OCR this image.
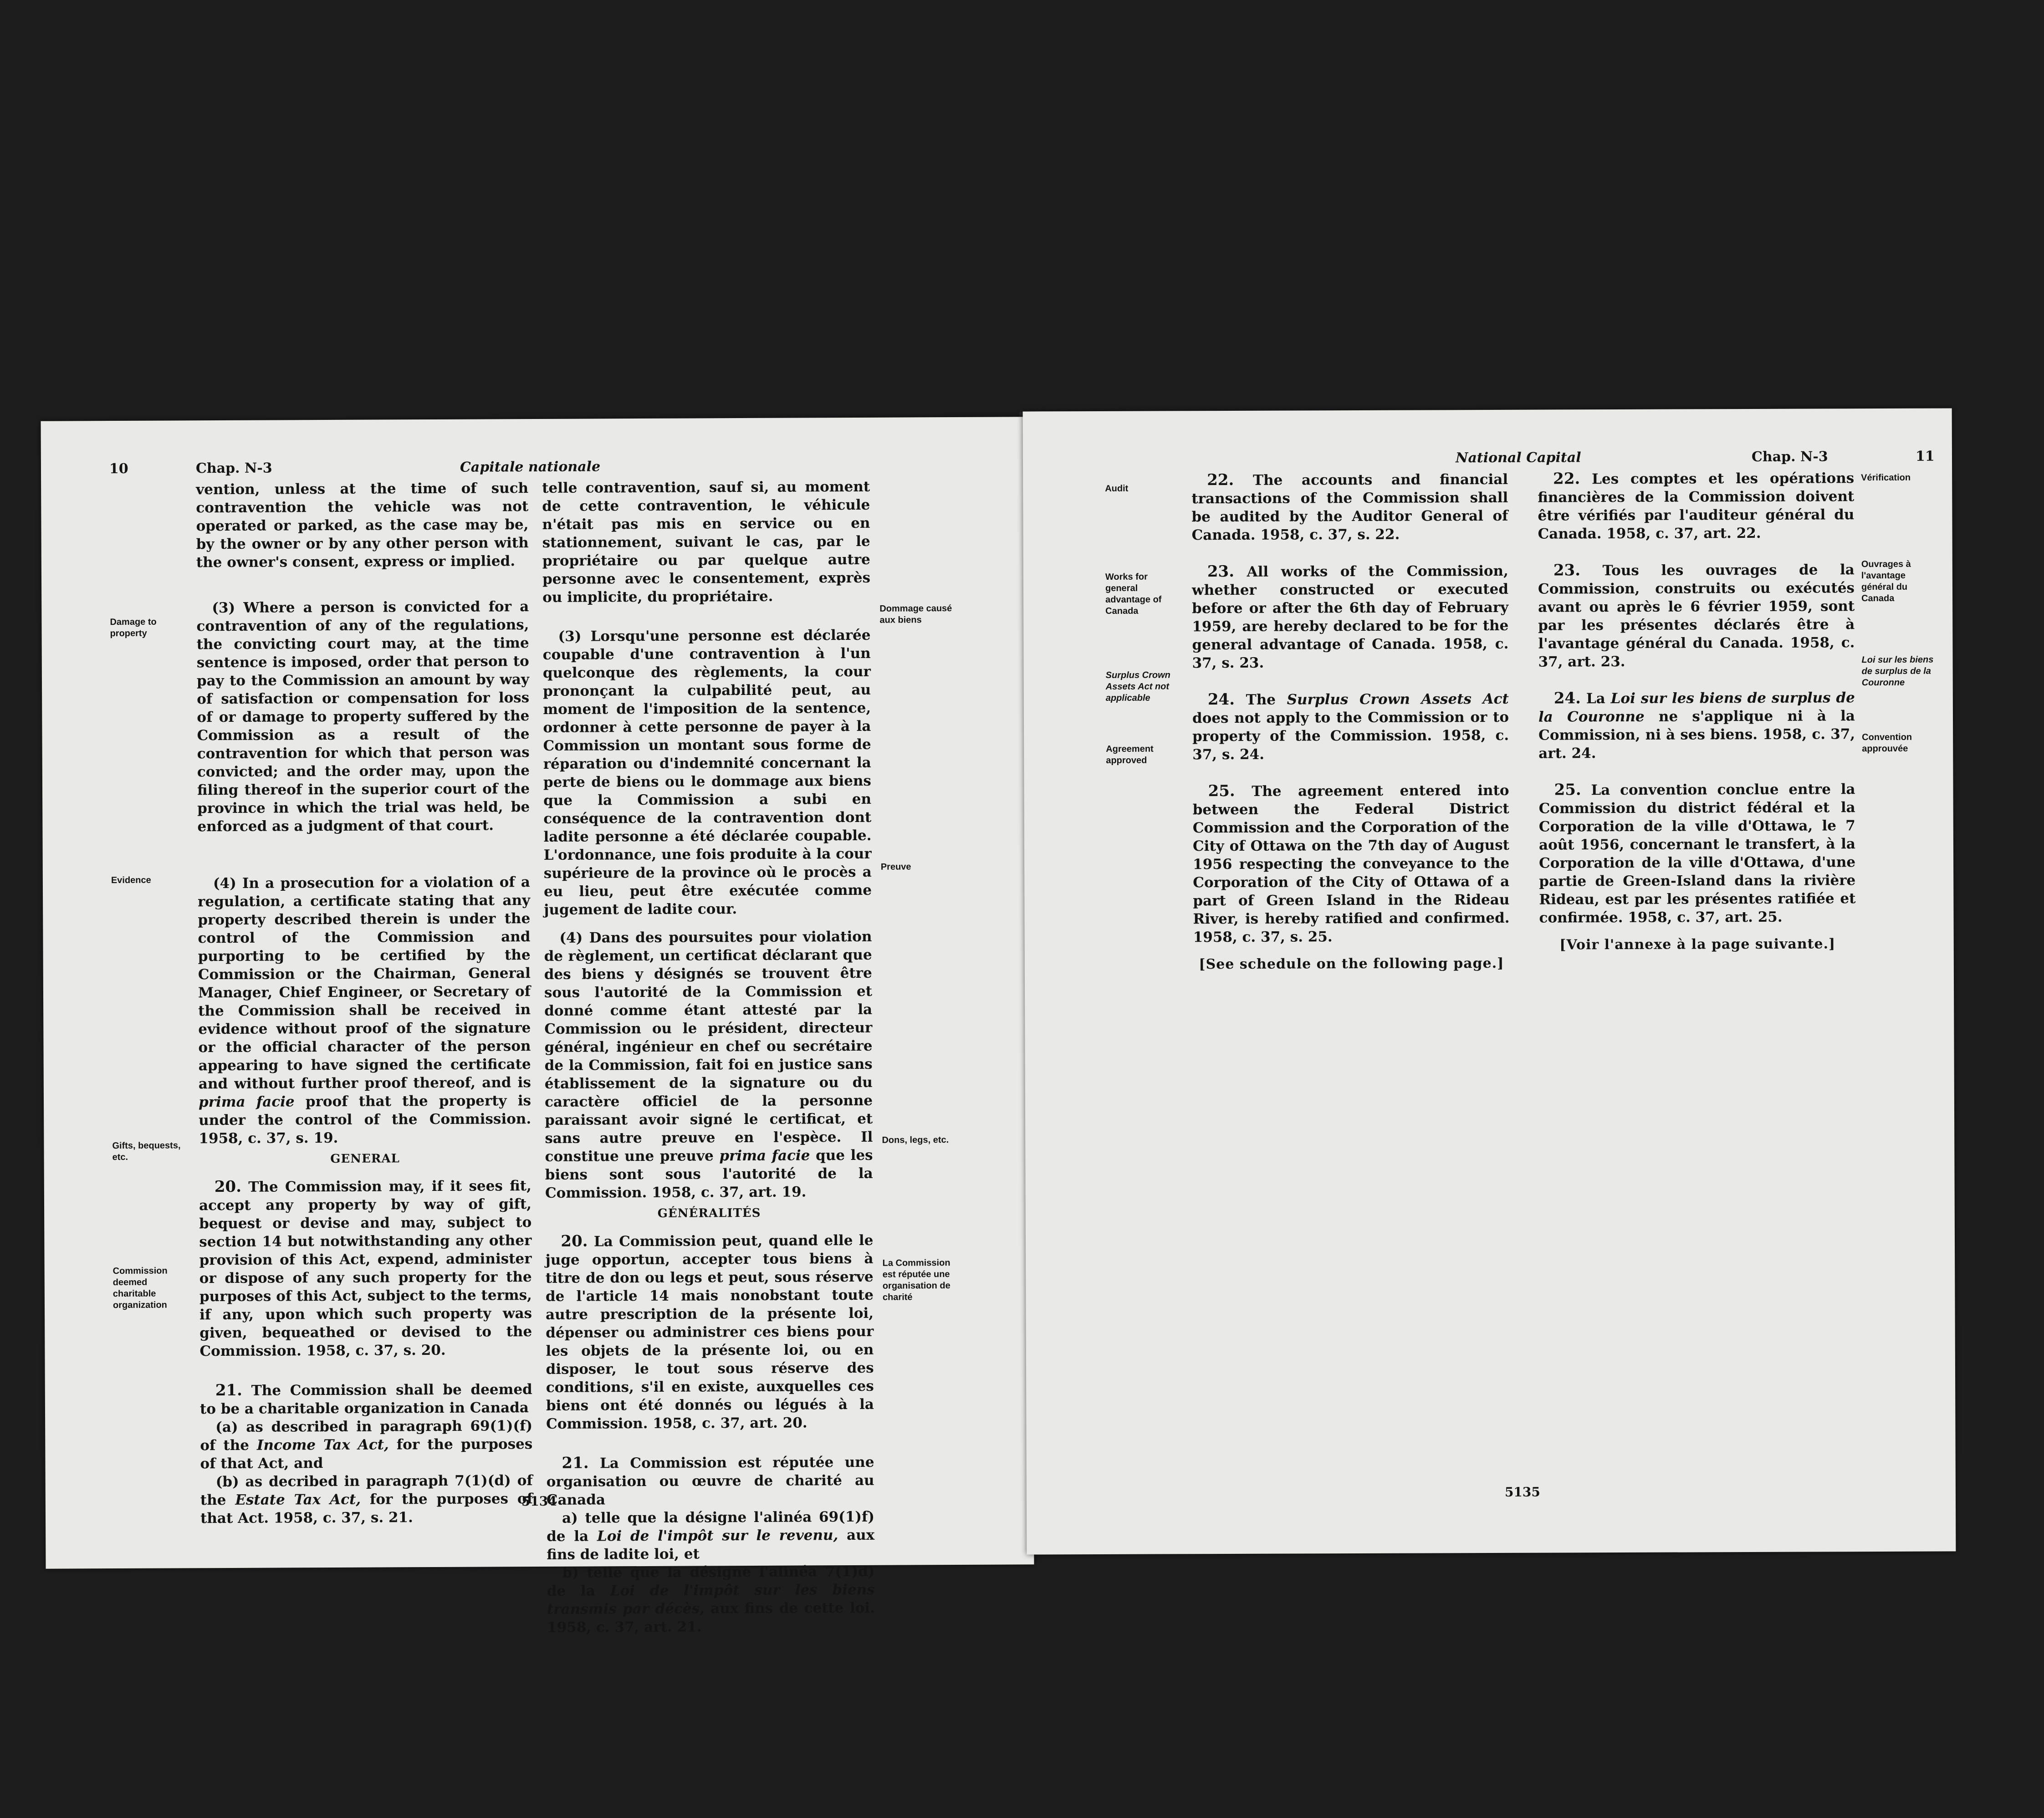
10	Chap. N-3	Capitale nationale
Damage to property
Evidence
Gifts, bequests, etc.
Commission deemed charitable organization

vention, unless at the time of such contravention the vehicle was not operated or parked, as the case may be, by the owner or by any other person with the owner's consent, express or implied.

(3) Where a person is convicted for a contravention of any of the regulations, the convicting court may, at the time sentence is imposed, order that person to pay to the Commission an amount by way of satisfaction or compensation for loss of or damage to property suffered by the Commission as a result of the contravention for which that person was convicted; and the order may, upon the filing thereof in the superior court of the province in which the trial was held, be enforced as a judgment of that court.

(4) In a prosecution for a violation of a regulation, a certificate stating that any property described therein is under the control of the Commission and purporting to be certified by the Commission or the Chairman, General Manager, Chief Engineer, or Secretary of the Commission shall be received in evidence without proof of the signature or the official character of the person appearing to have signed the certificate and without further proof thereof, and is prima facie proof that the property is under the control of the Commission. 1958, c. 37, s. 19.

GENERAL

20. The Commission may, if it sees fit, accept any property by way of gift, bequest or devise and may, subject to section 14 but notwithstanding any other provision of this Act, expend, administer or dispose of any such property for the purposes of this Act, subject to the terms, if any, upon which such property was given, bequeathed or devised to the Commission. 1958, c. 37, s. 20.

21. The Commission shall be deemed to be a charitable organization in Canada

(a) as described in paragraph 69(1)(f) of the Income Tax Act, for the purposes of that Act, and

(b) as decribed in paragraph 7(1)(d) of the Estate Tax Act, for the purposes of that Act. 1958, c. 37, s. 21.

telle contravention, sauf si, au moment de cette contravention, le véhicule n'était pas mis en service ou en stationnement, suivant le cas, par le propriétaire ou par quelque autre personne avec le consentement, exprès ou implicite, du propriétaire.

(3) Lorsqu'une personne est déclarée coupable d'une contravention à l'un quelconque des règlements, la cour prononçant la culpabilité peut, au moment de l'imposition de la sentence, ordonner à cette personne de payer à la Commission un montant sous forme de réparation ou d'indemnité concernant la perte de biens ou le dommage aux biens que la Commission a subi en conséquence de la contravention dont ladite personne a été déclarée coupable. L'ordonnance, une fois produite à la cour supérieure de la province où le procès a eu lieu, peut être exécutée comme jugement de ladite cour.

(4) Dans des poursuites pour violation de règlement, un certificat déclarant que des biens y désignés se trouvent être sous l'autorité de la Commission et donné comme étant attesté par la Commission ou le président, directeur général, ingénieur en chef ou secrétaire de la Commission, fait foi en justice sans établissement de la signature ou du caractère officiel de la personne paraissant avoir signé le certificat, et sans autre preuve en l'espèce. Il constitue une preuve prima facie que les biens sont sous l'autorité de la Commission. 1958, c. 37, art. 19.

GÉNÉRALITÉS

20. La Commission peut, quand elle le juge opportun, accepter tous biens à titre de don ou legs et peut, sous réserve de l'article 14 mais nonobstant toute autre prescription de la présente loi, dépenser ou administrer ces biens pour les objets de la présente loi, ou en disposer, le tout sous réserve des conditions, s'il en existe, auxquelles ces biens ont été donnés ou légués à la Commission. 1958, c. 37, art. 20.

21. La Commission est réputée une organisation ou œuvre de charité au Canada

a) telle que la désigne l'alinéa 69(1)f) de la Loi de l'impôt sur le revenu, aux fins de ladite loi, et

b) telle que la désigne l'alinéa 7(1)d) de la Loi de l'impôt sur les biens transmis par décès, aux fins de cette loi. 1958, c. 37, art. 21.

Dommage causé aux biens
Preuve
Dons, legs, etc.
La Commission est réputée une organisation de charité
5134
National Capital	Chap. N-3	11
Audit
Works for general advantage of Canada
Surplus Crown Assets Act not applicable
Agreement approved

22. The accounts and financial transactions of the Commission shall be audited by the Auditor General of Canada. 1958, c. 37, s. 22.

23. All works of the Commission, whether constructed or executed before or after the 6th day of February 1959, are hereby declared to be for the general advantage of Canada. 1958, c. 37, s. 23.

24. The Surplus Crown Assets Act does not apply to the Commission or to property of the Commission. 1958, c. 37, s. 24.

25. The agreement entered into between the Federal District Commission and the Corporation of the City of Ottawa on the 7th day of August 1956 respecting the conveyance to the Corporation of the City of Ottawa of a part of Green Island in the Rideau River, is hereby ratified and confirmed. 1958, c. 37, s. 25.

[See schedule on the following page.]

22. Les comptes et les opérations financières de la Commission doivent être vérifiés par l'auditeur général du Canada. 1958, c. 37, art. 22.

23. Tous les ouvrages de la Commission, construits ou exécutés avant ou après le 6 février 1959, sont par les présentes déclarés être à l'avantage général du Canada. 1958, c. 37, art. 23.

24. La Loi sur les biens de surplus de la Couronne ne s'applique ni à la Commission, ni à ses biens. 1958, c. 37, art. 24.

25. La convention conclue entre la Commission du district fédéral et la Corporation de la ville d'Ottawa, le 7 août 1956, concernant le transfert, à la Corporation de la ville d'Ottawa, d'une partie de Green-Island dans la rivière Rideau, est par les présentes ratifiée et confirmée. 1958, c. 37, art. 25.

[Voir l'annexe à la page suivante.]

Vérification
Ouvrages à l'avantage général du Canada
Loi sur les biens de surplus de la Couronne
Convention approuvée
5135
